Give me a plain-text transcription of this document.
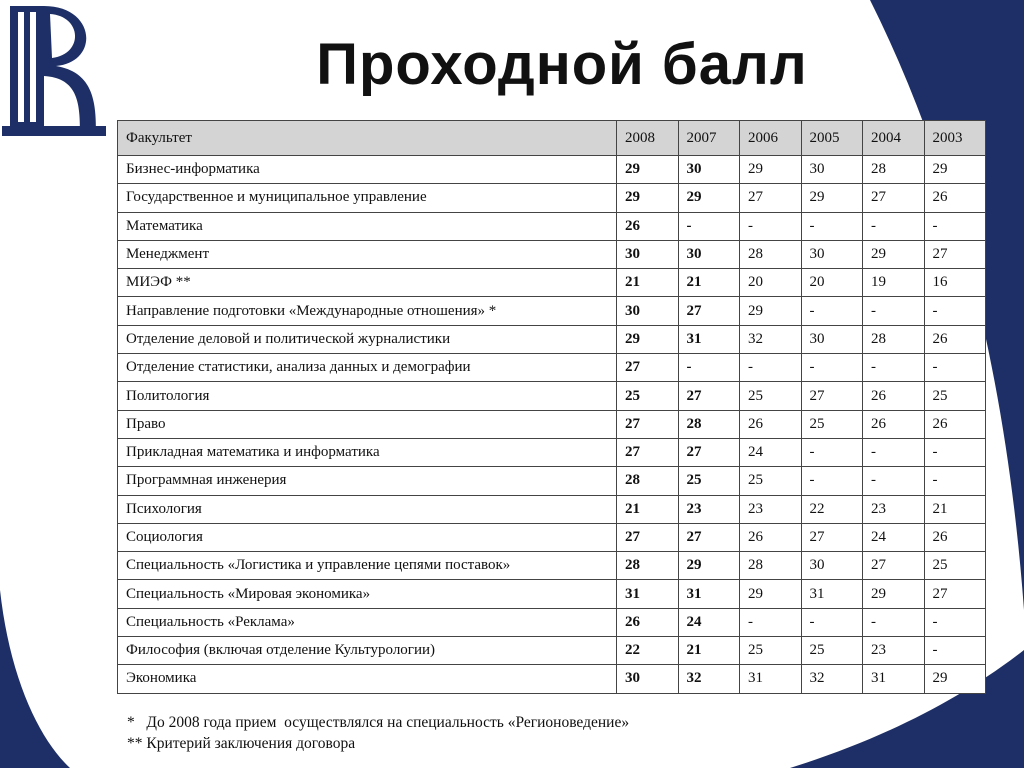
Проходной балл
Факультет	2008	2007	2006	2005	2004	2003
Бизнес-информатика	29	30	29	30	28	29
Государственное и муниципальное управление	29	29	27	29	27	26
Математика	26	-	-	-	-	-
Менеджмент	30	30	28	30	29	27
МИЭФ **	21	21	20	20	19	16
Направление подготовки «Международные отношения» *	30	27	29	-	-	-
Отделение деловой и политической журналистики	29	31	32	30	28	26
Отделение статистики, анализа данных и демографии	27	-	-	-	-	-
Политология	25	27	25	27	26	25
Право	27	28	26	25	26	26
Прикладная математика и информатика	27	27	24	-	-	-
Программная инженерия	28	25	25	-	-	-
Психология	21	23	23	22	23	21
Социология	27	27	26	27	24	26
Специальность «Логистика и управление цепями поставок»	28	29	28	30	27	25
Специальность «Мировая экономика»	31	31	29	31	29	27
Специальность «Реклама»	26	24	-	-	-	-
Философия (включая отделение Культурологии)	22	21	25	25	23	-
Экономика	30	32	31	32	31	29
*   До 2008 года прием  осуществлялся на специальность «Регионоведение»
** Критерий заключения договора
